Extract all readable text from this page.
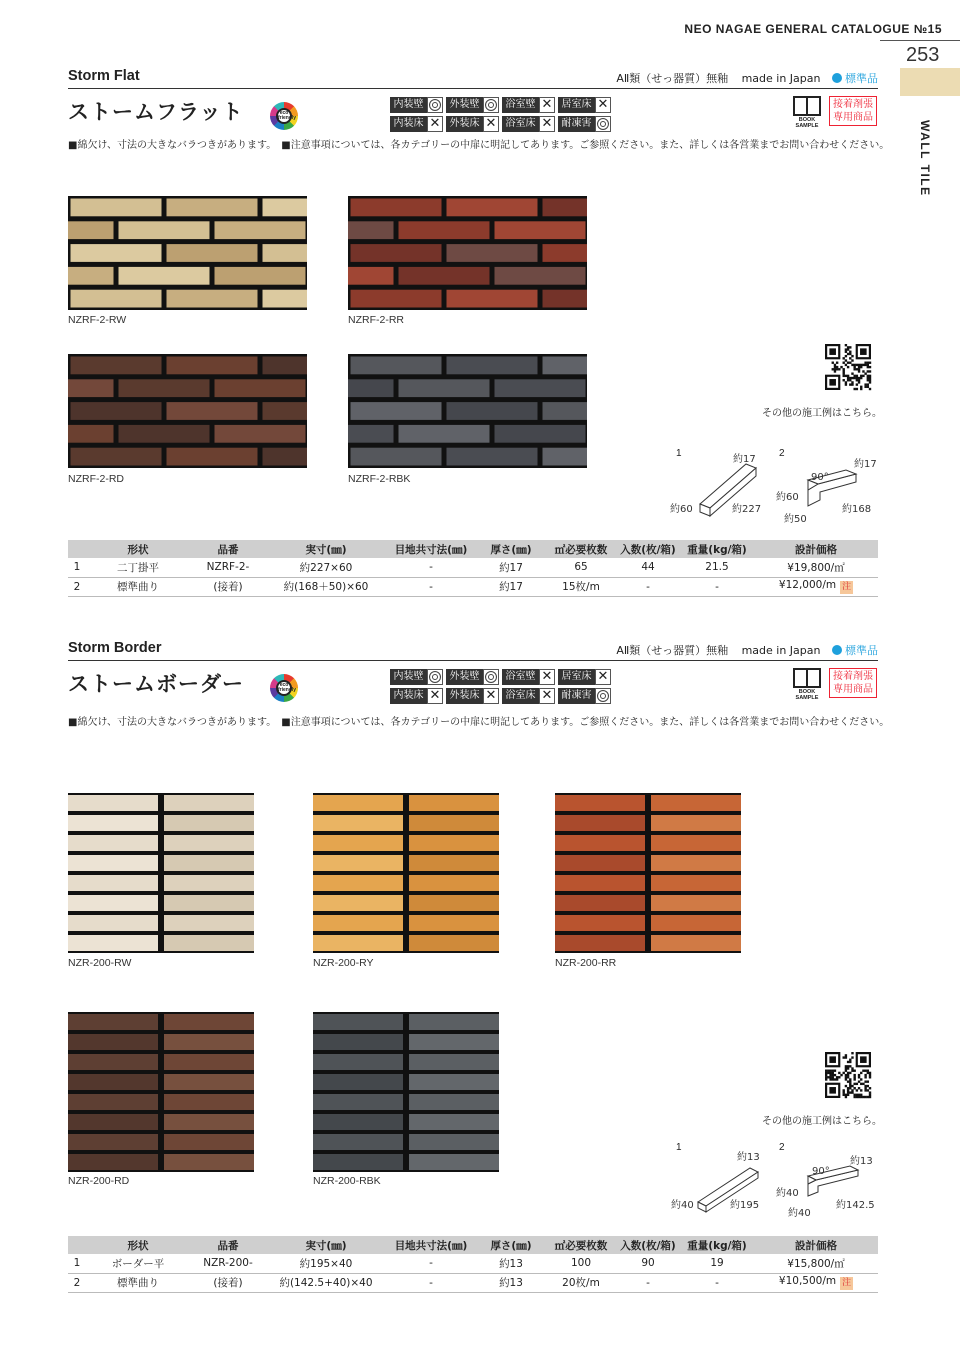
NEO NAGAE GENERAL CATALOGUE №15
253
WALL TILE
Storm Flat	AⅡ類（せっ器質）無釉 made in Japan 標準品
ストームフラット	eco friendly
内装壁	外装壁	浴室壁 ✕ 居室床 ✕
内装床 ✕ 外装床 ✕ 浴室床 ✕ 耐凍害	BOOK SAMPLE
接着剤張専用商品
■綿欠け、寸法の大きなバラつきがあります。　■注意事項については、各カテゴリーの中扉に明記してあります。ご参照ください。また、詳しくは各営業までお問い合わせください。
NZRF-2-RW	NZRF-2-RR
NZRF-2-RD	NZRF-2-RBK
その他の施工例はこちら。
1	2
約17
約60	約227
約17
90°
約60
約50
約168
	形状	品番	実寸(㎜)	目地共寸法(㎜)	厚さ(㎜)	㎡必要枚数	入数(枚/箱)	重量(kg/箱)	設計価格
1	二丁掛平	NZRF-2-	約227×60	-	約17	65	44	21.5	¥19,800/㎡
2	標準曲り	(接着)	約(168＋50)×60	-	約17	15枚/m	-	-	¥12,000/m 注
Storm Border	AⅡ類（せっ器質）無釉 made in Japan 標準品
ストームボーダー	eco friendly
内装壁	外装壁	浴室壁 ✕ 居室床 ✕
内装床 ✕ 外装床 ✕ 浴室床 ✕ 耐凍害	BOOK SAMPLE
接着剤張専用商品
■綿欠け、寸法の大きなバラつきがあります。　■注意事項については、各カテゴリーの中扉に明記してあります。ご参照ください。また、詳しくは各営業までお問い合わせください。
NZR-200-RW	NZR-200-RY	NZR-200-RR
NZR-200-RD	NZR-200-RBK
その他の施工例はこちら。
1	2
約13
約40	約195
約13
90°
約40
約40
約142.5
	形状	品番	実寸(㎜)	目地共寸法(㎜)	厚さ(㎜)	㎡必要枚数	入数(枚/箱)	重量(kg/箱)	設計価格
1	ボーダー平	NZR-200-	約195×40	-	約13	100	90	19	¥15,800/㎡
2	標準曲り	(接着)	約(142.5+40)×40	-	約13	20枚/m	-	-	¥10,500/m 注
